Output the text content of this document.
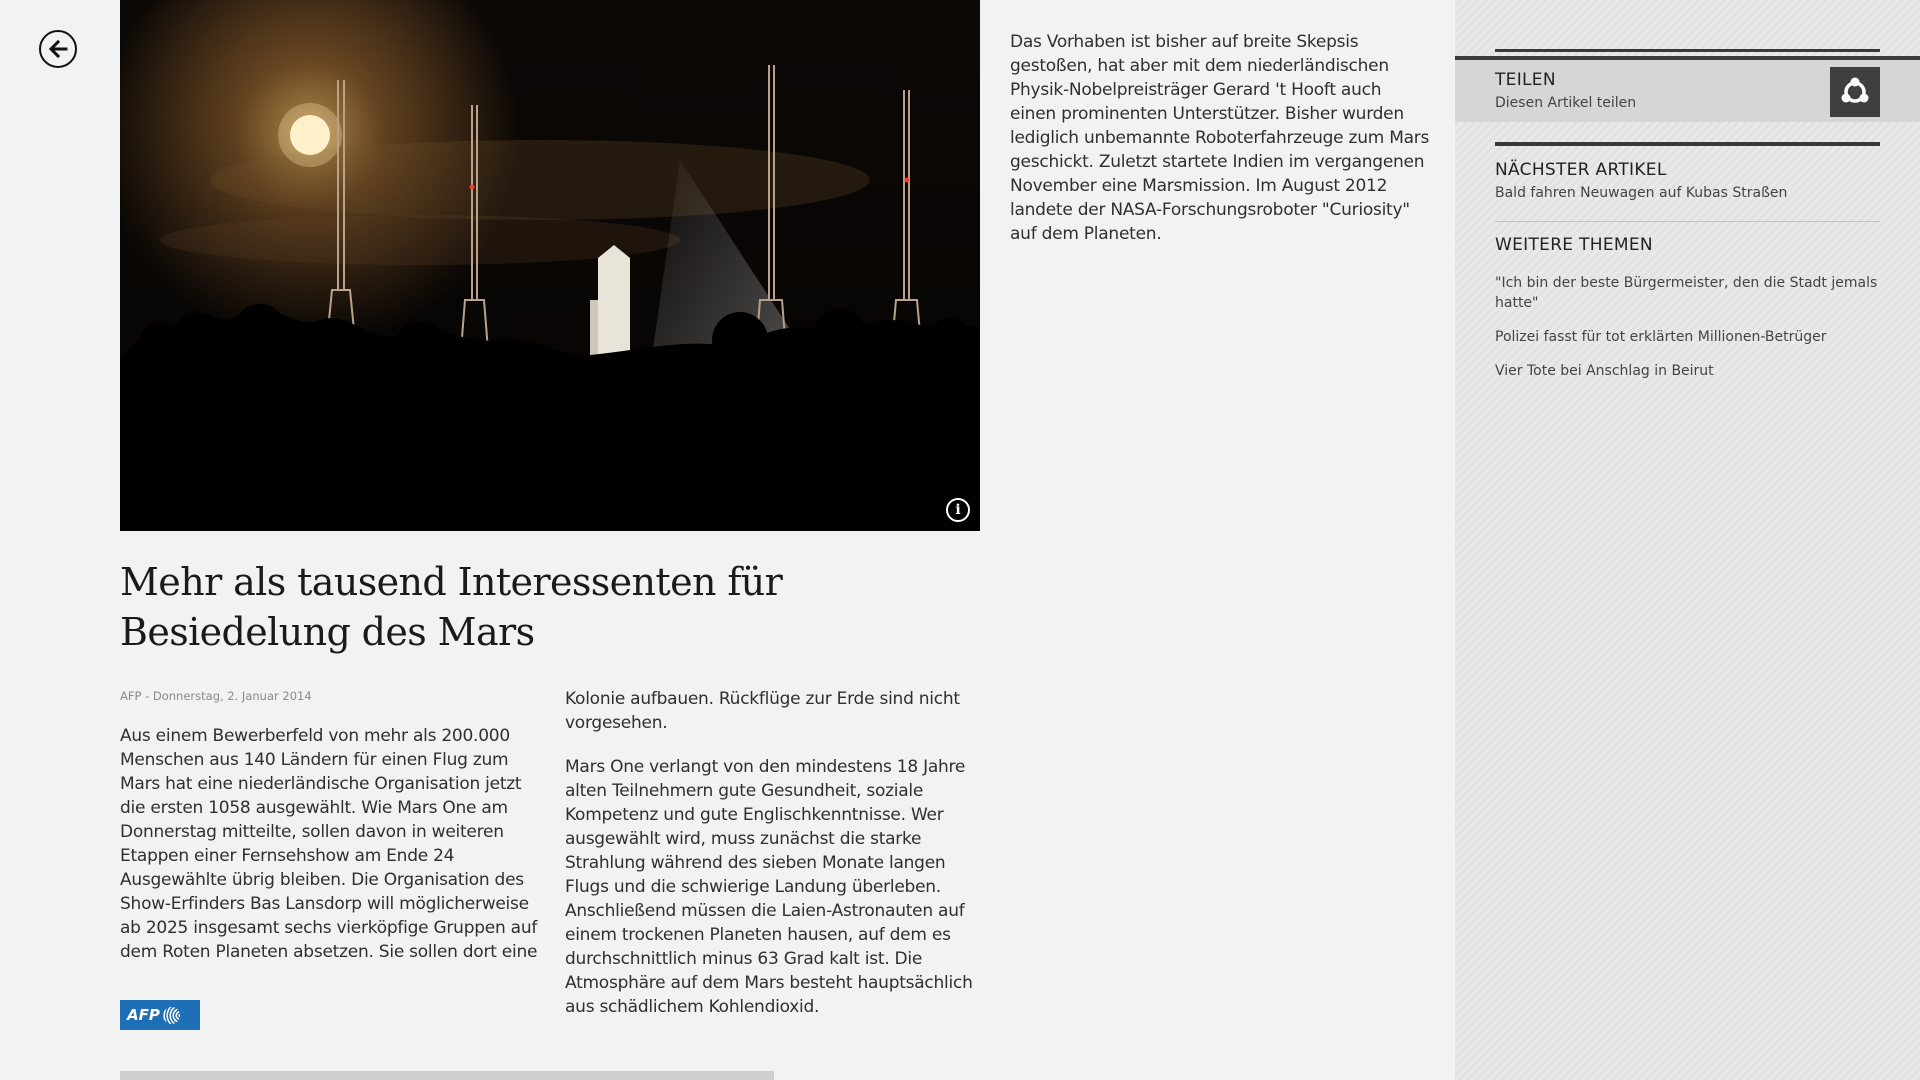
i
Mehr als tausend Interessenten für Besiedelung des Mars
AFP - Donnerstag, 2. Januar 2014

Aus einem Bewerberfeld von mehr als 200.000 Menschen aus 140 Ländern für einen Flug zum Mars hat eine niederländische Organisation jetzt die ersten 1058 ausgewählt. Wie Mars One am Donnerstag mitteilte, sollen davon in weiteren Etappen einer Fernsehshow am Ende 24 Ausgewählte übrig bleiben. Die Organisation des Show-Erfinders Bas Lansdorp will möglicherweise ab 2025 insgesamt sechs vierköpfige Gruppen auf dem Roten Planeten absetzen. Sie sollen dort eine

Kolonie aufbauen. Rückflüge zur Erde sind nicht vorgesehen.

Mars One verlangt von den mindestens 18 Jahre alten Teilnehmern gute Gesundheit, soziale Kompetenz und gute Englischkenntnisse. Wer ausgewählt wird, muss zunächst die starke Strahlung während des sieben Monate langen Flugs und die schwierige Landung überleben. Anschließend müssen die Laien-Astronauten auf einem trockenen Planeten hausen, auf dem es durchschnittlich minus 63 Grad kalt ist. Die Atmosphäre auf dem Mars besteht hauptsächlich aus schädlichem Kohlendioxid.

Das Vorhaben ist bisher auf breite Skepsis gestoßen, hat aber mit dem niederländischen Physik-Nobelpreisträger Gerard 't Hooft auch einen prominenten Unterstützer. Bisher wurden lediglich unbemannte Roboterfahrzeuge zum Mars geschickt. Zuletzt startete Indien im vergangenen November eine Marsmission. Im August 2012 landete der NASA-Forschungsroboter "Curiosity" auf dem Planeten.

AFP
TEILEN
Diesen Artikel teilen
NÄCHSTER ARTIKEL
Bald fahren Neuwagen auf Kubas Straßen
WEITERE THEMEN
"Ich bin der beste Bürgermeister, den die Stadt jemals hatte"
Polizei fasst für tot erklärten Millionen-Betrüger
Vier Tote bei Anschlag in Beirut
